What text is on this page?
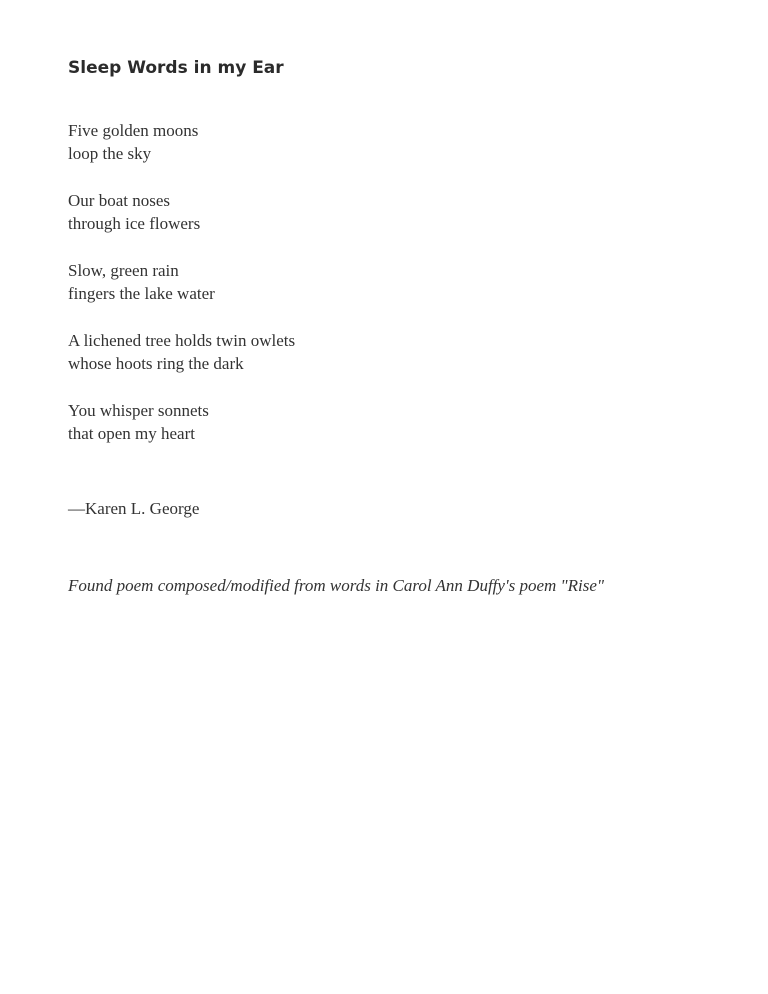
Sleep Words in my Ear

Five golden moons
loop the sky

Our boat noses
through ice flowers

Slow, green rain
fingers the lake water

A lichened tree holds twin owlets
whose hoots ring the dark

You whisper sonnets
that open my heart

—Karen L. George

Found poem composed/modified from words in Carol Ann Duffy's poem "Rise"
